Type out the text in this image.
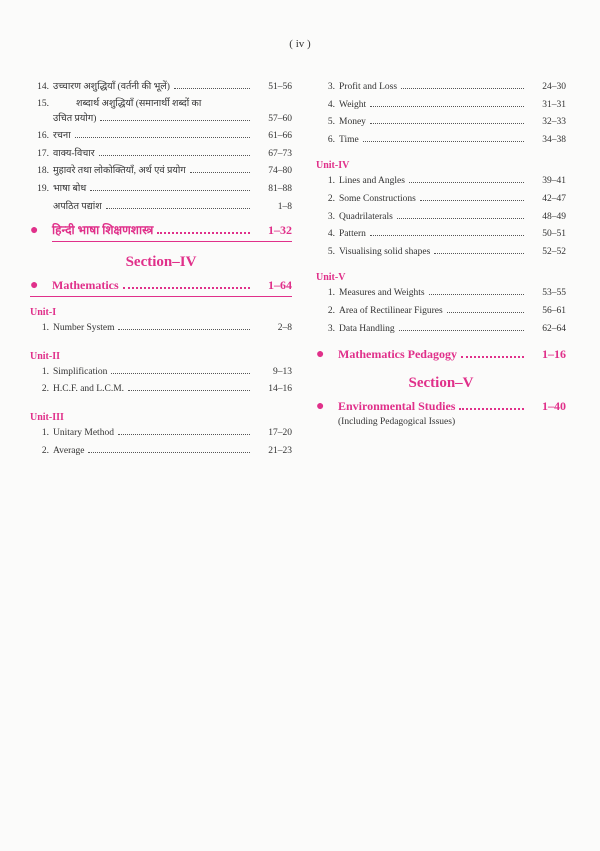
( iv )
14. उच्चारण अशुद्धियाँ (वर्तनी की भूलें)	51–56
15.	शब्दार्थ अशुद्धियाँ (समानार्थी शब्दों का
उचित प्रयोग)	57–60
16. रचना	61–66
17. वाक्य-विचार	67–73
18. मुहावरे तथा लोकोक्तियाँ, अर्थ एवं प्रयोग	74–80
19. भाषा बोध	81–88
अपठित पद्यांश	1–8
●	हिन्दी भाषा शिक्षणशास्त्र	1–32
Section–IV
●	Mathematics	1–64
Unit-I
1. Number System	2–8
Unit-II
1. Simplification	9–13
2. H.C.F. and L.C.M.	14–16
Unit-III
1. Unitary Method	17–20
2. Average	21–23
3. Profit and Loss	24–30
4. Weight	31–31
5. Money	32–33
6. Time	34–38
Unit-IV
1. Lines and Angles	39–41
2. Some Constructions	42–47
3. Quadrilaterals	48–49
4. Pattern	50–51
5. Visualising solid shapes	52–52
Unit-V
1. Measures and Weights	53–55
2. Area of Rectilinear Figures	56–61
3. Data Handling	62–64
●	Mathematics Pedagogy	1–16
Section–V
●	Environmental Studies	1–40
(Including Pedagogical Issues)
